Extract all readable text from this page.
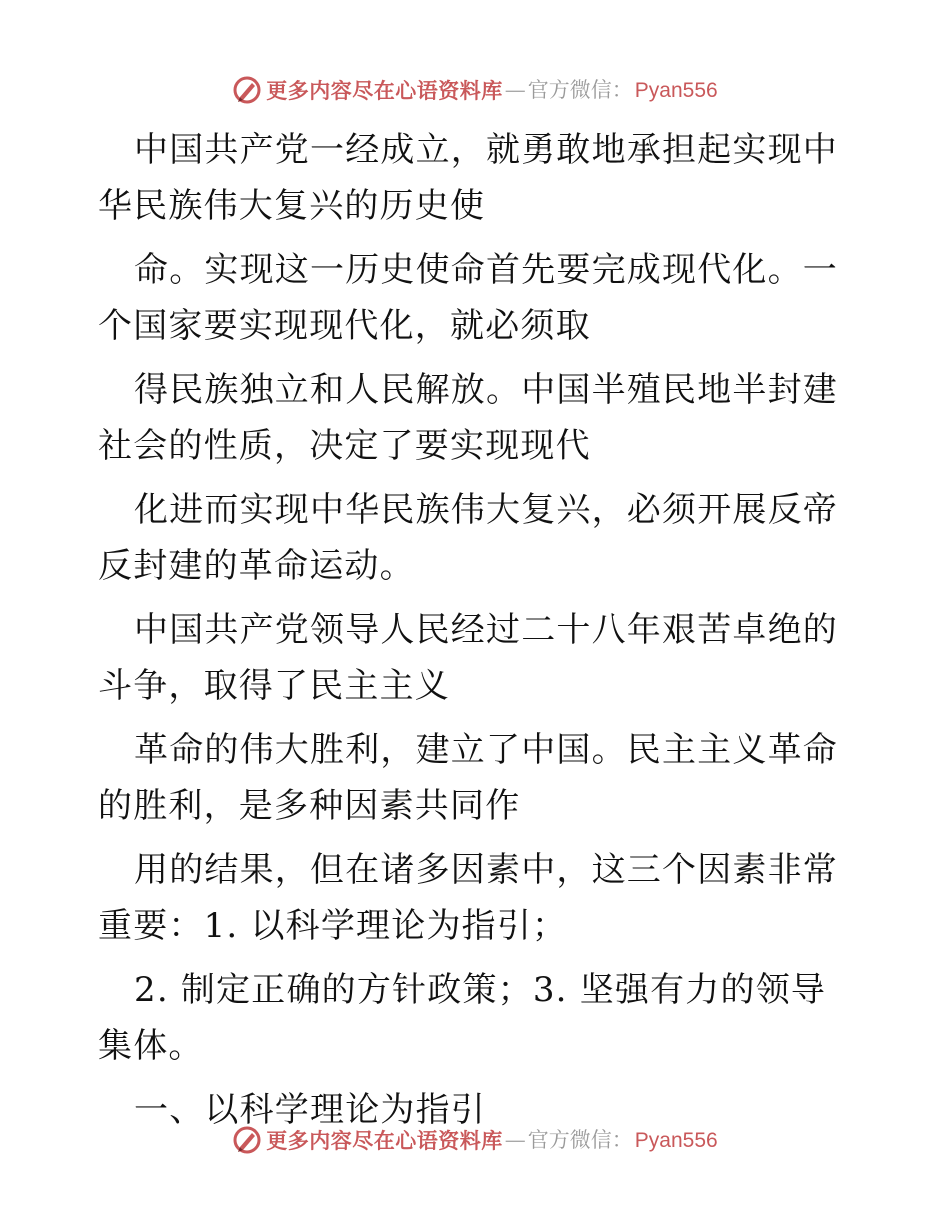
更多内容尽在心语资料库 — 官方微信： Pyan556

中国共产党一经成立，就勇敢地承担起实现中华民族伟大复兴的历史使

命。实现这一历史使命首先要完成现代化。一个国家要实现现代化，就必须取

得民族独立和人民解放。中国半殖民地半封建社会的性质，决定了要实现现代

化进而实现中华民族伟大复兴，必须开展反帝反封建的革命运动。

中国共产党领导人民经过二十八年艰苦卓绝的斗争，取得了民主主义

革命的伟大胜利，建立了中国。民主主义革命的胜利，是多种因素共同作

用的结果，但在诸多因素中，这三个因素非常重要：1. 以科学理论为指引；

2. 制定正确的方针政策；3. 坚强有力的领导集体。

一、以科学理论为指引

更多内容尽在心语资料库 — 官方微信： Pyan556
